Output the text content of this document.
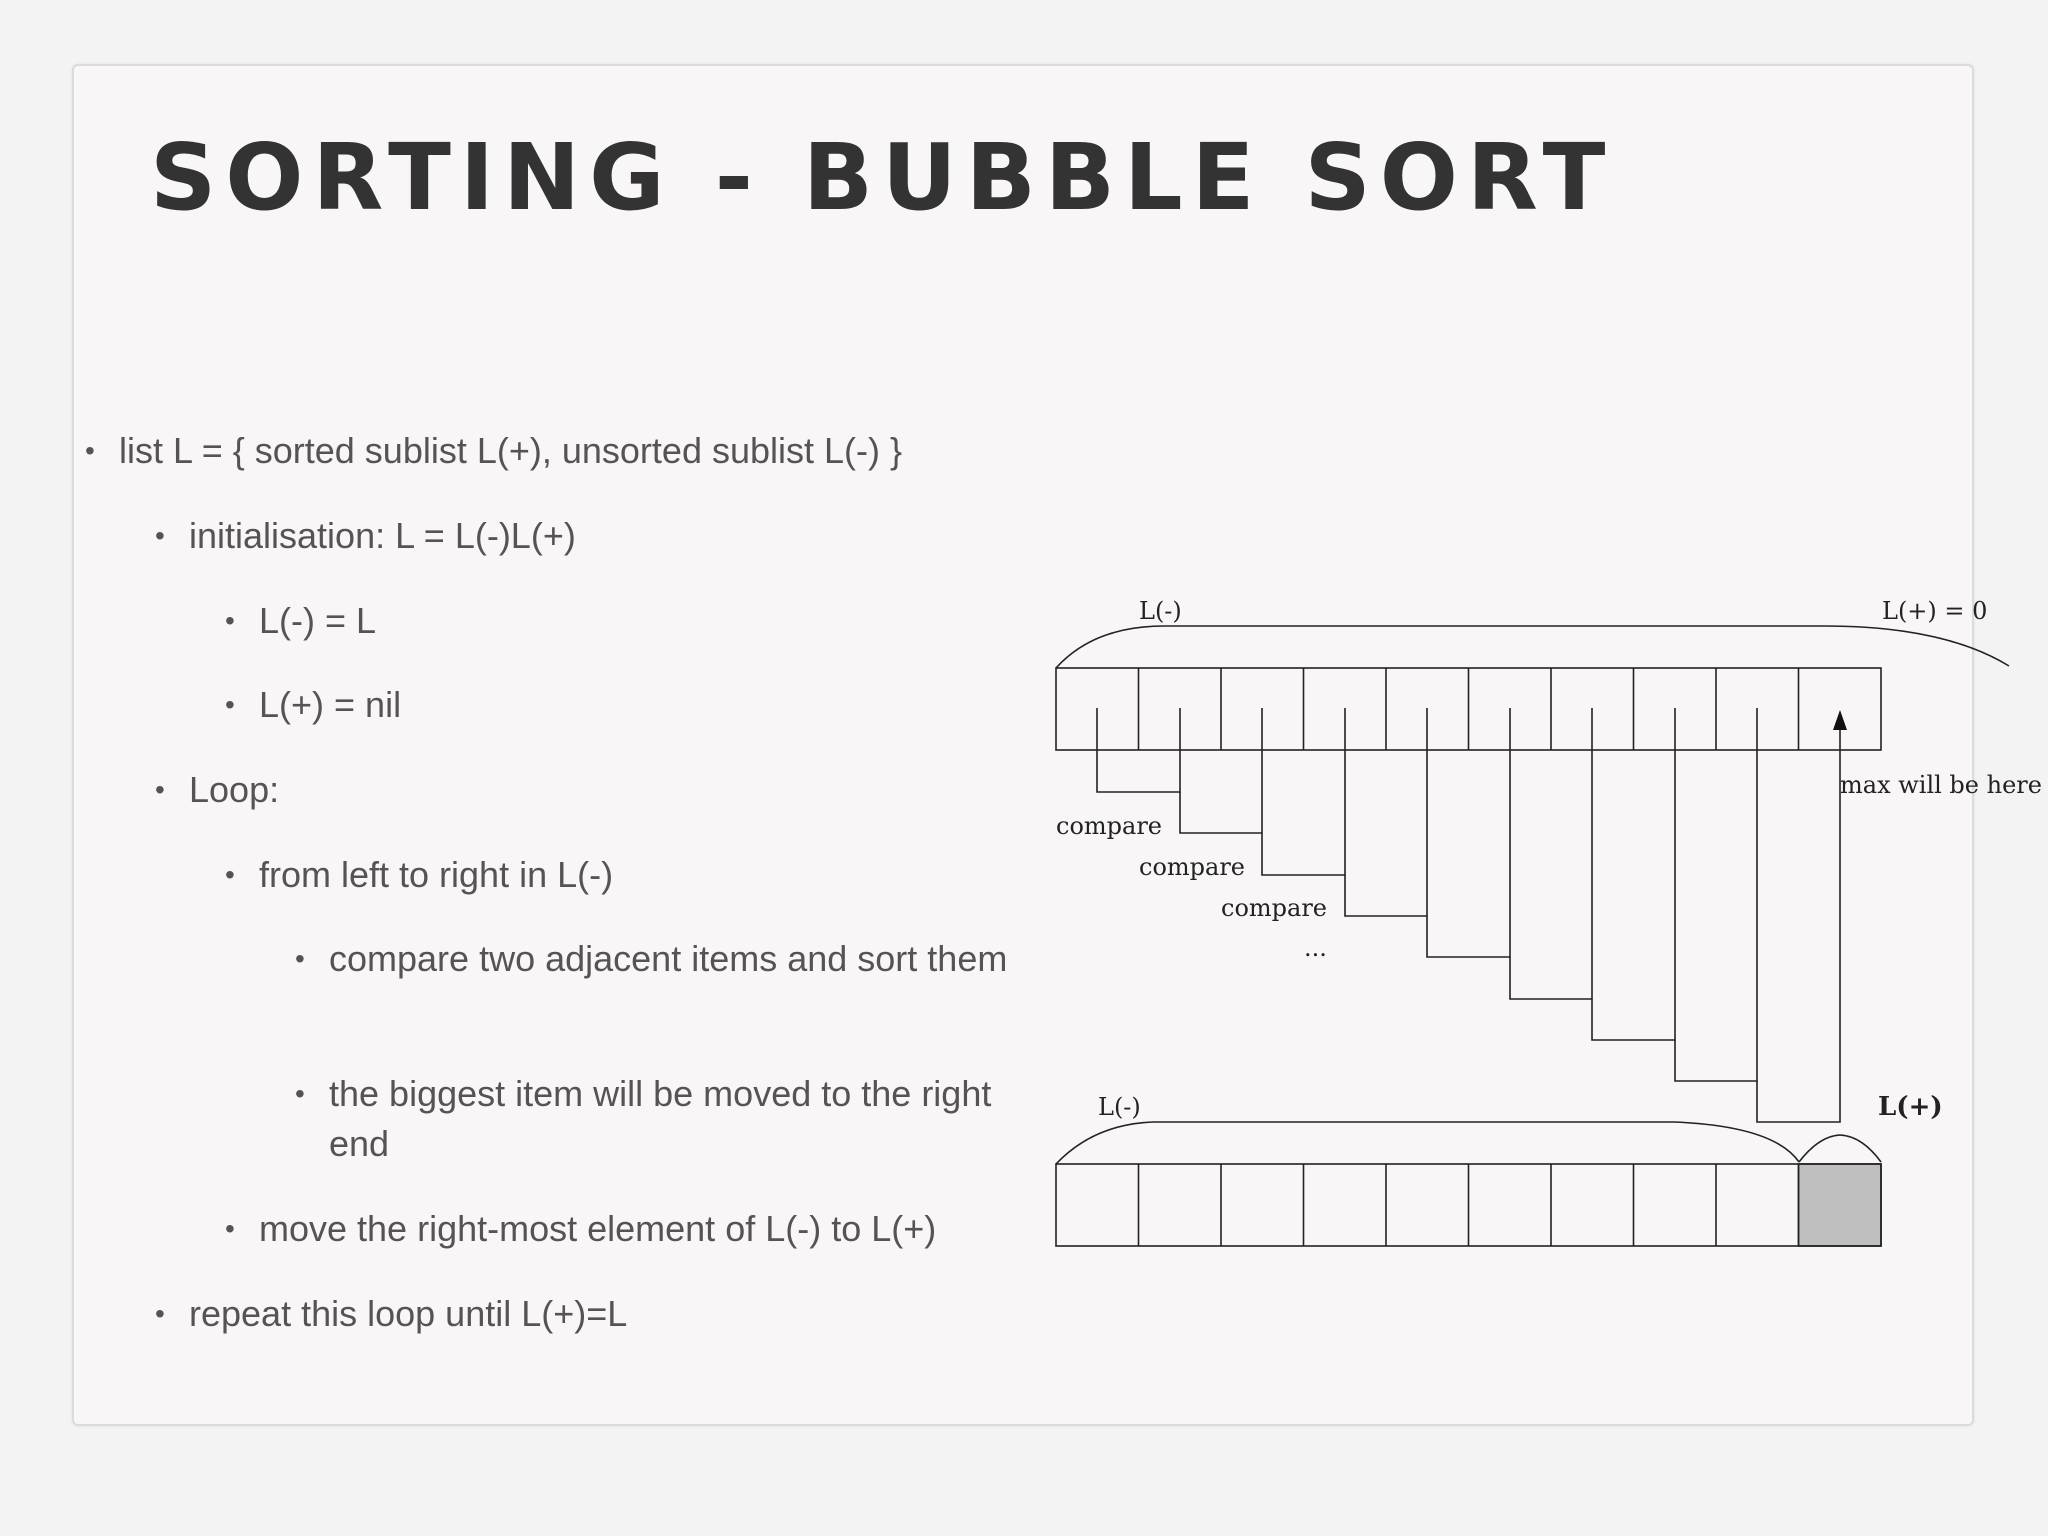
SORTING - BUBBLE SORT
• list L = { sorted sublist L(+), unsorted sublist L(-) }
• initialisation: L = L(-)L(+)
• L(-) = L
• L(+) = nil
• Loop:
• from left to right in L(-)
• compare two adjacent items and sort them
• the biggest item will be moved to the right end
• move the right-most element of L(-) to L(+)
• repeat this loop until L(+)=L
L(-)	L(+) = 0
max will be here
compare
compare
compare
...
L(-)	L(+)
